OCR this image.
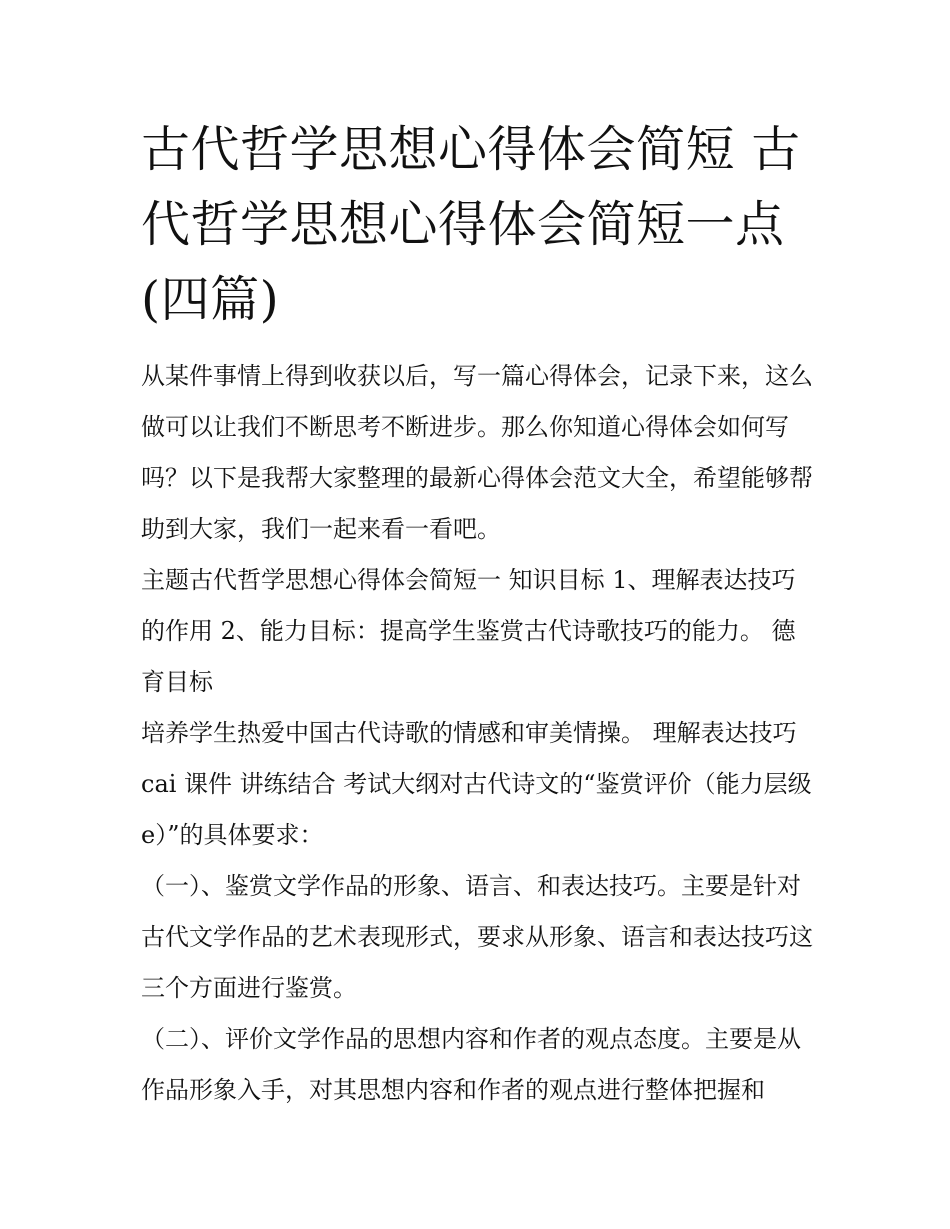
古代哲学思想心得体会简短 古代哲学思想心得体会简短一点(四篇)

从某件事情上得到收获以后，写一篇心得体会，记录下来，这么做可以让我们不断思考不断进步。那么你知道心得体会如何写吗？以下是我帮大家整理的最新心得体会范文大全，希望能够帮助到大家，我们一起来看一看吧。

主题古代哲学思想心得体会简短一 知识目标 1、理解表达技巧的作用 2、能力目标：提高学生鉴赏古代诗歌技巧的能力。 德育目标

培养学生热爱中国古代诗歌的情感和审美情操。 理解表达技巧 cai 课件 讲练结合 考试大纲对古代诗文的“鉴赏评价（能力层级 e）”的具体要求：

（一）、鉴赏文学作品的形象、语言、和表达技巧。主要是针对古代文学作品的艺术表现形式，要求从形象、语言和表达技巧这三个方面进行鉴赏。

（二）、评价文学作品的思想内容和作者的观点态度。主要是从作品形象入手，对其思想内容和作者的观点进行整体把握和
